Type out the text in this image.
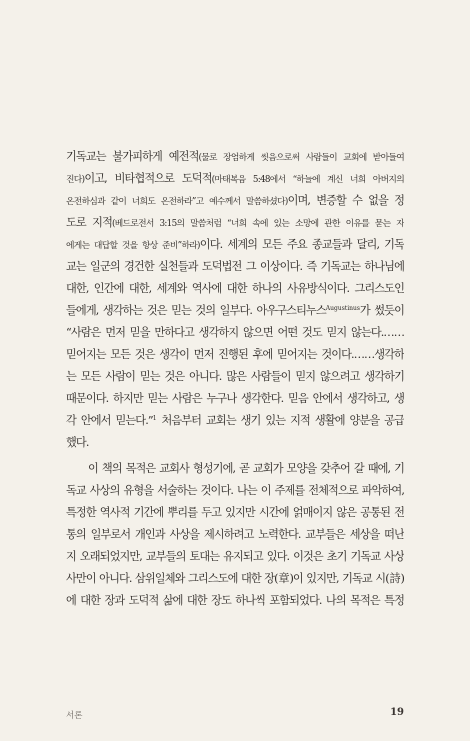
기독교는 불가피하게 예전적(물로 장엄하게 씻음으로써 사람들이 교회에 받아들여
진다)이고, 비타협적으로 도덕적(마태복음 5:48에서 “하늘에 계신 너희 아버지의
온전하심과 같이 너희도 온전하라”고 예수께서 말씀하셨다)이며, 변증할 수 없을 정
도로 지적(베드로전서 3:15의 말씀처럼 “너희 속에 있는 소망에 관한 이유를 묻는 자
에게는 대답할 것을 항상 준비”하라)이다. 세계의 모든 주요 종교들과 달리, 기독
교는 일군의 경건한 실천들과 도덕법전 그 이상이다. 즉 기독교는 하나님에
대한, 인간에 대한, 세계와 역사에 대한 하나의 사유방식이다. 그리스도인
들에게, 생각하는 것은 믿는 것의 일부다. 아우구스티누스$^{Augustinus}$가 썼듯이
“사람은 먼저 믿을 만하다고 생각하지 않으면 어떤 것도 믿지 않는다.……
믿어지는 모든 것은 생각이 먼저 진행된 후에 믿어지는 것이다.……생각하
는 모든 사람이 믿는 것은 아니다. 많은 사람들이 믿지 않으려고 생각하기
때문이다. 하지만 믿는 사람은 누구나 생각한다. 믿음 안에서 생각하고, 생
각 안에서 믿는다.”$^1$ 처음부터 교회는 생기 있는 지적 생활에 양분을 공급
했다.
이 책의 목적은 교회사 형성기에, 곧 교회가 모양을 갖추어 갈 때에, 기
독교 사상의 유형을 서술하는 것이다. 나는 이 주제를 전체적으로 파악하여,
특정한 역사적 기간에 뿌리를 두고 있지만 시간에 얽매이지 않은 공통된 전
통의 일부로서 개인과 사상을 제시하려고 노력한다. 교부들은 세상을 떠난
지 오래되었지만, 교부들의 토대는 유지되고 있다. 이것은 초기 기독교 사상
사만이 아니다. 삼위일체와 그리스도에 대한 장(章)이 있지만, 기독교 시(詩)
에 대한 장과 도덕적 삶에 대한 장도 하나씩 포함되었다. 나의 목적은 특정
서론	19
